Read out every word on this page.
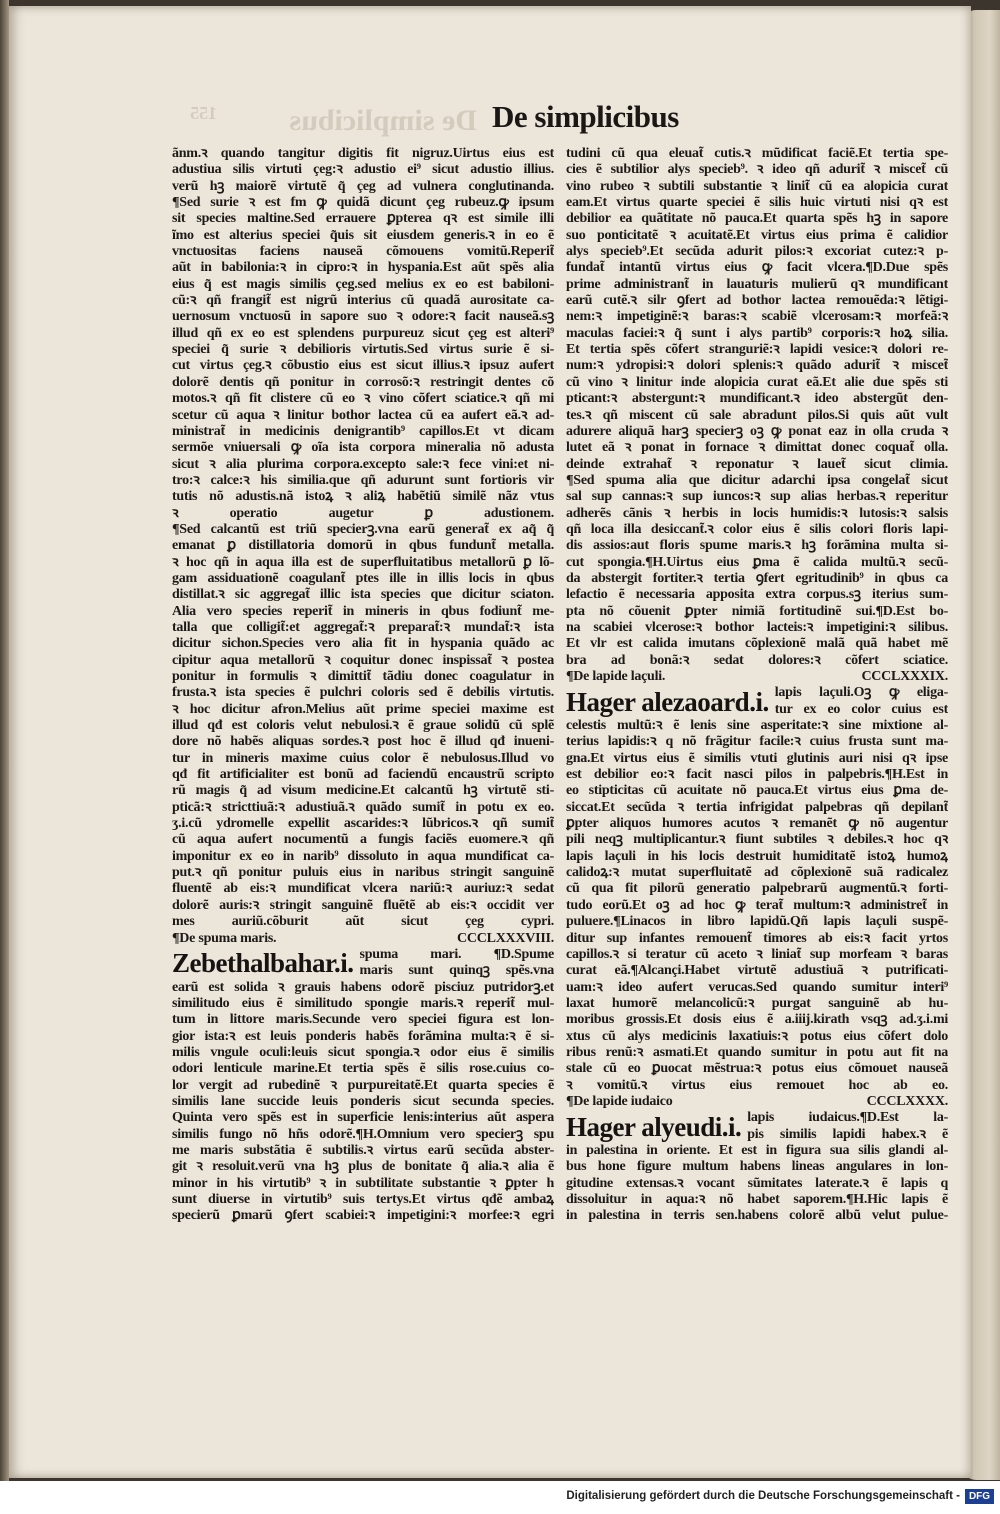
155	De simplicibus De simplicibus
ãnm.ꝛ quando tangitur digitis fit nigruz.Uirtus eius est
adustiua silis virtuti çeg:ꝛ adustio ei⁹ sicut adustio illius.
verũ hꝫ maiorẽ virtutẽ q̃ çeg ad vulnera conglutinanda.
¶Sed surie ꝛ est fm ꝙ quidã dicunt çeg rubeuz.ꝙ ipsum
sit species maltine.Sed errauere ꝑpterea qꝛ est simile illi
ĩmo est alterius speciei q̃uis sit eiusdem generis.ꝛ in eo ẽ
vnctuositas faciens nauseã cõmouens vomitũ.Reperit̃
aũt in babilonia:ꝛ in cipro:ꝛ in hyspania.Est aũt spẽs alia
eius q̃ est magis similis çeg.sed melius ex eo est babiloni-
cũ:ꝛ qñ frangit̃ est nigrũ interius cũ quadã aurositate ca-
uernosum vnctuosũ in sapore suo ꝛ odore:ꝛ facit nauseã.sꝫ
illud qñ ex eo est splendens purpureuz sicut çeg est alteri⁹
speciei q̃ surie ꝛ debilioris virtutis.Sed virtus surie ẽ si-
cut virtus çeg.ꝛ cõbustio eius est sicut illius.ꝛ ipsuz aufert
dolorẽ dentis qñ ponitur in corrosõ:ꝛ restringit dentes cõ
motos.ꝛ qñ fit clistere cũ eo ꝛ vino cõfert sciatice.ꝛ qñ mi
scetur cũ aqua ꝛ linitur bothor lactea cũ ea aufert eã.ꝛ ad-
ministrat̃ in medicinis denigrantib⁹ capillos.Et vt dicam
sermõe vniuersali ꝙ oĩa ista corpora mineralia nõ adusta
sicut ꝛ alia plurima corpora.excepto sale:ꝛ fece vini:et ni-
tro:ꝛ calce:ꝛ his similia.que qñ adurunt sunt fortioris vir
tutis nõ adustis.nã istoꝝ ꝛ aliꝝ habẽtiũ similẽ nãz vtus
ꝛ operatio augetur ꝑ adustionem.
¶Sed calcantũ est triũ specierꝫ.vna earũ generat̃ ex aq̃ q̃
emanat ꝑ distillatoria domorũ in qbus fundunt̃ metalla.
ꝛ hoc qñ in aqua illa est de superfluitatibus metallorũ ꝑ lõ-
gam assiduationẽ coagulant̃ ptes ille in illis locis in qbus
distillat.ꝛ sic aggregat̃ illic ista species que dicitur sciaton.
Alia vero species reperit̃ in mineris in qbus fodiunt̃ me-
talla que colligit̃:et aggregat̃:ꝛ preparat̃:ꝛ mundat̃:ꝛ ista
dicitur sichon.Species vero alia fit in hyspania quãdo ac
cipitur aqua metallorũ ꝛ coquitur donec inspissat̃ ꝛ postea
ponitur in formulis ꝛ dimittit̃ tãdiu donec coagulatur in
frusta.ꝛ ista species ẽ pulchri coloris sed ẽ debilis virtutis.
ꝛ hoc dicitur afron.Melius aũt prime speciei maxime est
illud qđ est coloris velut nebulosi.ꝛ ẽ graue solidũ cũ splẽ
dore nõ habẽs aliquas sordes.ꝛ post hoc ẽ illud qđ inueni-
tur in mineris maxime cuius color ẽ nebulosus.Illud vo
qđ fit artificialiter est bonũ ad faciendũ encaustrũ scripto
rũ magis q̃ ad visum medicine.Et calcantũ hꝫ virtutẽ sti-
pticã:ꝛ stricttiuã:ꝛ adustiuã.ꝛ quãdo sumit̃ in potu ex eo.
ʒ.i.cũ ydromelle expellit ascarides:ꝛ lũbricos.ꝛ qñ sumit̃
cũ aqua aufert nocumentũ a fungis faciẽs euomere.ꝛ qñ
imponitur ex eo in narib⁹ dissoluto in aqua mundificat ca-
put.ꝛ qñ ponitur puluis eius in naribus stringit sanguinẽ
fluentẽ ab eis:ꝛ mundificat vlcera nariũ:ꝛ auriuz:ꝛ sedat
dolorẽ auris:ꝛ stringit sanguinẽ fluẽtẽ ab eis:ꝛ occidit ver
mes auriũ.cõburit aũt sicut çeg cypri.
¶De spuma maris.	CCCLXXXVIII.
Zebethalbahar.i. spuma mari. ¶D.Spume
maris sunt quinqꝫ spẽs.vna
earũ est solida ꝛ grauis habens odorẽ pisciuz putridorꝫ.et
similitudo eius ẽ similitudo spongie maris.ꝛ reperit̃ mul-
tum in littore maris.Secunde vero speciei figura est lon-
gior ista:ꝛ est leuis ponderis habẽs forãmina multa:ꝛ ẽ si-
milis vngule oculi:leuis sicut spongia.ꝛ odor eius ẽ similis
odori lenticule marine.Et tertia spẽs ẽ silis rose.cuius co-
lor vergit ad rubedinẽ ꝛ purpureitatẽ.Et quarta species ẽ
similis lane succide leuis ponderis sicut secunda species.
Quinta vero spẽs est in superficie lenis:interius aũt aspera
similis fungo nõ hñs odorẽ.¶H.Omnium vero specierꝫ spu
me maris substãtia ẽ subtilis.ꝛ virtus earũ secũda abster-
git ꝛ resoluit.verũ vna hꝫ plus de bonitate q̃ alia.ꝛ alia ẽ
minor in his virtutib⁹ ꝛ in subtilitate substantie ꝛ ꝑpter h
sunt diuerse in virtutib⁹ suis tertys.Et virtus qđẽ ambaꝝ
specierũ ꝑmarũ ꝯfert scabiei:ꝛ impetigini:ꝛ morfee:ꝛ egri
tudini cũ qua eleuat̃ cutis.ꝛ mũdificat faciẽ.Et tertia spe-
cies ẽ subtilior alys specieb⁹. ꝛ ideo qñ adurit̃ ꝛ miscet̃ cũ
vino rubeo ꝛ subtili substantie ꝛ linit̃ cũ ea alopicia curat
eam.Et virtus quarte speciei ẽ silis huic virtuti nisi qꝛ est
debilior ea quãtitate nõ pauca.Et quarta spẽs hꝫ in sapore
suo ponticitatẽ ꝛ acuitatẽ.Et virtus eius prima ẽ calidior
alys specieb⁹.Et secũda adurit pilos:ꝛ excoriat cutez:ꝛ p-
fundat̃ intantũ virtus eius ꝙ facit vlcera.¶D.Due spẽs
prime administrant̃ in lauaturis mulierũ qꝛ mundificant
earũ cutẽ.ꝛ silr ꝯfert ad bothor lactea remouẽda:ꝛ lẽtigi-
nem:ꝛ impetiginẽ:ꝛ baras:ꝛ scabiẽ vlcerosam:ꝛ morfeã:ꝛ
maculas faciei:ꝛ q̃ sunt i alys partib⁹ corporis:ꝛ hoꝝ silia.
Et tertia spẽs cõfert stranguriẽ:ꝛ lapidi vesice:ꝛ dolori re-
num:ꝛ ydropisi:ꝛ dolori splenis:ꝛ quãdo adurit̃ ꝛ miscet̃
cũ vino ꝛ linitur inde alopicia curat eã.Et alie due spẽs sti
pticant:ꝛ abstergunt:ꝛ mundificant.ꝛ ideo abstergũt den-
tes.ꝛ qñ miscent cũ sale abradunt pilos.Si quis aũt vult
adurere aliquã harꝫ specierꝫ oꝫ ꝙ ponat eaz in olla cruda ꝛ
lutet eã ꝛ ponat in fornace ꝛ dimittat donec coquat̃ olla.
deinde extrahat̃ ꝛ reponatur ꝛ lauet̃ sicut climia.
¶Sed spuma alia que dicitur adarchi ipsa congelat̃ sicut
sal sup cannas:ꝛ sup iuncos:ꝛ sup alias herbas.ꝛ reperitur
adherẽs cãnis ꝛ herbis in locis humidis:ꝛ lutosis:ꝛ salsis
qñ loca illa desiccant̃.ꝛ color eius ẽ silis colori floris lapi-
dis assios:aut floris spume maris.ꝛ hꝫ forãmina multa si-
cut spongia.¶H.Uirtus eius ꝑma ẽ calida multũ.ꝛ secũ-
da abstergit fortiter.ꝛ tertia ꝯfert egritudinib⁹ in qbus ca
lefactio ẽ necessaria apposita extra corpus.sꝫ iterius sum-
pta nõ cõuenit ꝑpter nimiã fortitudinẽ sui.¶D.Est bo-
na scabiei vlcerose:ꝛ bothor lacteis:ꝛ impetigini:ꝛ silibus.
Et vlr est calida imutans cõplexionẽ malã quã habet mẽ
bra ad bonã:ꝛ sedat dolores:ꝛ cõfert sciatice.
¶De lapide laçuli.	CCCLXXXIX.
Hager alezaoard.i. lapis laçuli.Oꝫ ꝙ eliga-
tur ex eo color cuius est
celestis multũ:ꝛ ẽ lenis sine asperitate:ꝛ sine mixtione al-
terius lapidis:ꝛ q nõ frãgitur facile:ꝛ cuius frusta sunt ma-
gna.Et virtus eius ẽ similis vtuti glutinis auri nisi qꝛ ipse
est debilior eo:ꝛ facit nasci pilos in palpebris.¶H.Est in
eo stipticitas cũ acuitate nõ pauca.Et virtus eius ꝑma de-
siccat.Et secũda ꝛ tertia infrigidat palpebras qñ depilant̃
ꝑpter aliquos humores acutos ꝛ remanẽt ꝙ nõ augentur
pili neqꝫ multiplicantur.ꝛ fiunt subtiles ꝛ debiles.ꝛ hoc qꝛ
lapis laçuli in his locis destruit humiditatẽ istoꝝ humoꝝ
calidoꝝ:ꝛ mutat superfluitatẽ ad cõplexionẽ suã radicalez
cũ qua fit pilorũ generatio palpebrarũ augmentũ.ꝛ forti-
tudo eorũ.Et oꝫ ad hoc ꝙ terat̃ multum:ꝛ administret̃ in
puluere.¶Linacos in libro lapidũ.Qñ lapis laçuli suspẽ-
ditur sup infantes remouent̃ timores ab eis:ꝛ facit yrtos
capillos.ꝛ si teratur cũ aceto ꝛ liniat̃ sup morfeam ꝛ baras
curat eã.¶Alcançi.Habet virtutẽ adustiuã ꝛ putrificati-
uam:ꝛ ideo aufert verucas.Sed quando sumitur interi⁹
laxat humorẽ melancolicũ:ꝛ purgat sanguinẽ ab hu-
moribus grossis.Et dosis eius ẽ a.iiij.kirath vsqꝫ ad.ʒ.i.mi
xtus cũ alys medicinis laxatiuis:ꝛ potus eius cõfert dolo
ribus renũ:ꝛ asmati.Et quando sumitur in potu aut fit na
stale cũ eo ꝑuocat mẽstrua:ꝛ potus eius cõmouet nauseã
ꝛ vomitũ.ꝛ virtus eius remouet hoc ab eo.
¶De lapide iudaico	CCCLXXXX.
Hager alyeudi.i. lapis iudaicus.¶D.Est la-
pis similis lapidi habex.ꝛ ẽ
in palestina in oriente. Et est in figura sua silis glandi al-
bus hone figure multum habens lineas angulares in lon-
gitudine extensas.ꝛ vocant sũmitates laterate.ꝛ ẽ lapis q
dissoluitur in aqua:ꝛ nõ habet saporem.¶H.Hic lapis ẽ
in palestina in terris sen.habens colorẽ albũ velut pulue-
Digitalisierung gefördert durch die Deutsche Forschungsgemeinschaft - DFG
